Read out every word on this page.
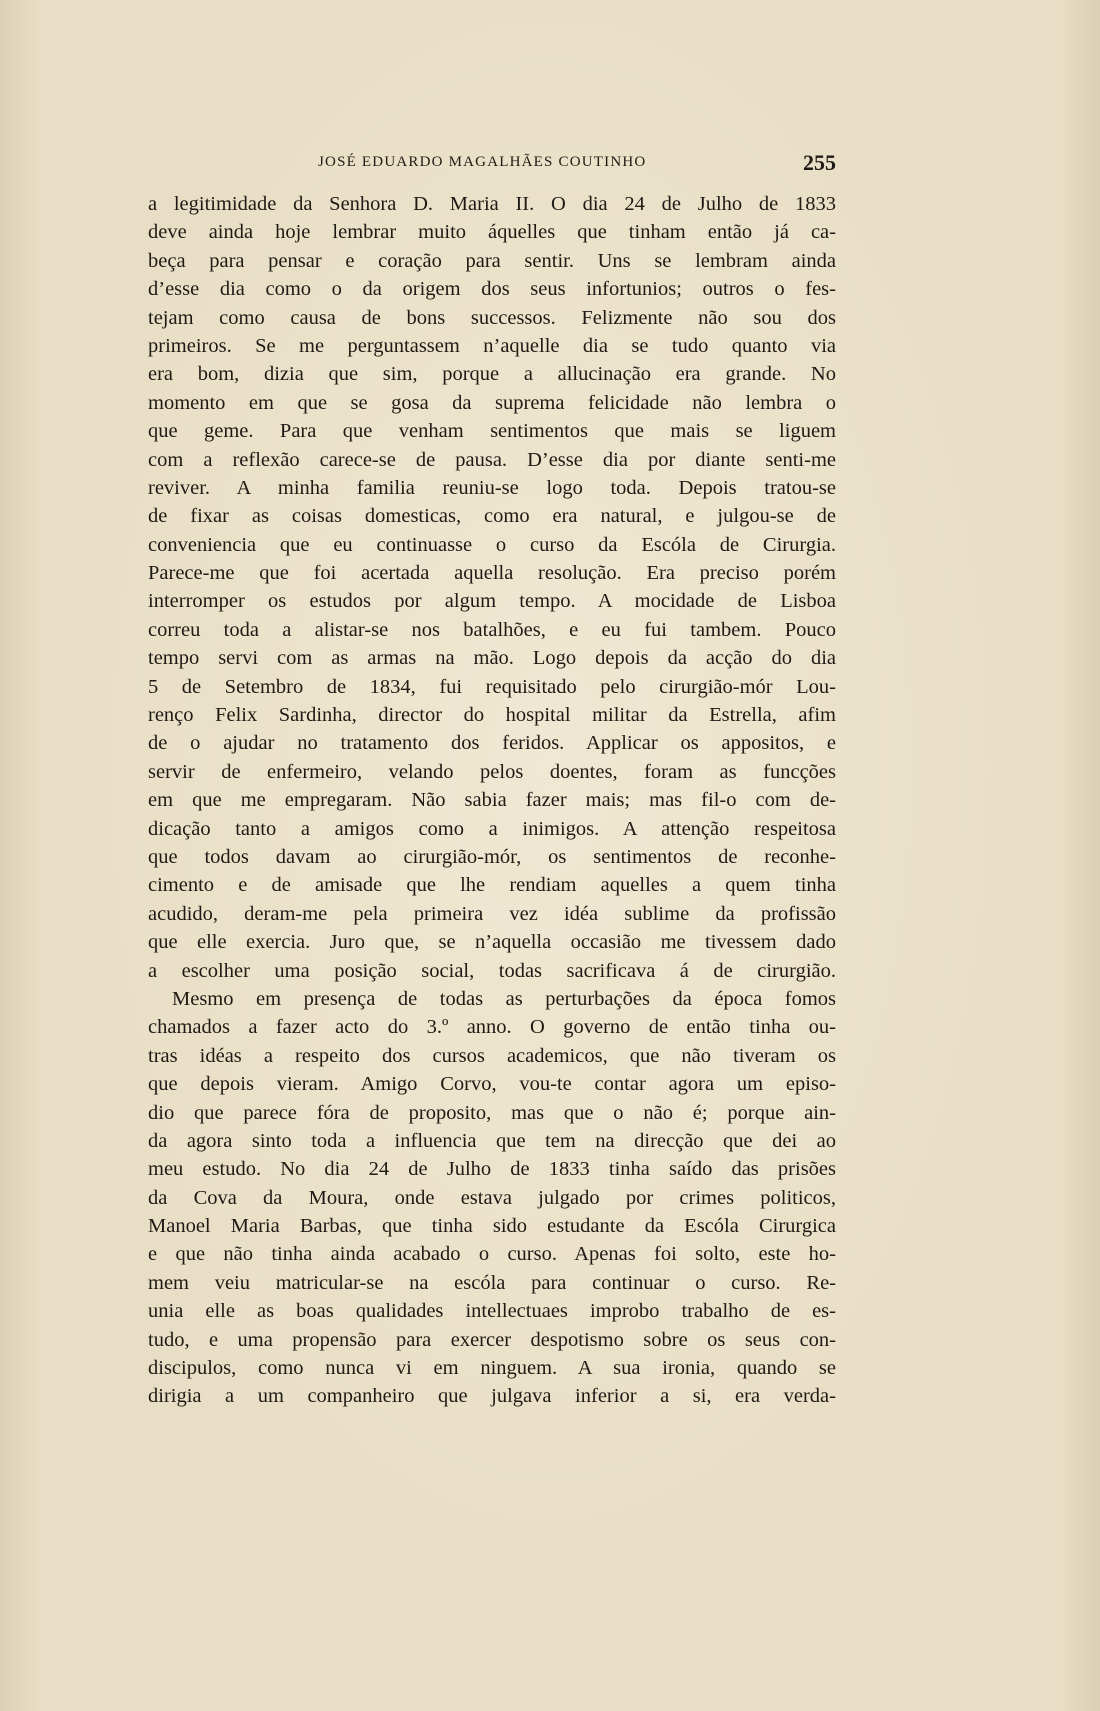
JOSÉ EDUARDO MAGALHÃES COUTINHO	255
a legitimidade da Senhora D. Maria II. O dia 24 de Julho de 1833
deve ainda hoje lembrar muito áquelles que tinham então já ca-
beça para pensar e coração para sentir. Uns se lembram ainda
d’esse dia como o da origem dos seus infortunios; outros o fes-
tejam como causa de bons successos. Felizmente não sou dos
primeiros. Se me perguntassem n’aquelle dia se tudo quanto via
era bom, dizia que sim, porque a allucinação era grande. No
momento em que se gosa da suprema felicidade não lembra o
que geme. Para que venham sentimentos que mais se liguem
com a reflexão carece-se de pausa. D’esse dia por diante senti-me
reviver. A minha familia reuniu-se logo toda. Depois tratou-se
de fixar as coisas domesticas, como era natural, e julgou-se de
conveniencia que eu continuasse o curso da Escóla de Cirurgia.
Parece-me que foi acertada aquella resolução. Era preciso porém
interromper os estudos por algum tempo. A mocidade de Lisboa
correu toda a alistar-se nos batalhões, e eu fui tambem. Pouco
tempo servi com as armas na mão. Logo depois da acção do dia
5 de Setembro de 1834, fui requisitado pelo cirurgião-mór Lou-
renço Felix Sardinha, director do hospital militar da Estrella, afim
de o ajudar no tratamento dos feridos. Applicar os appositos, e
servir de enfermeiro, velando pelos doentes, foram as funcções
em que me empregaram. Não sabia fazer mais; mas fil-o com de-
dicação tanto a amigos como a inimigos. A attenção respeitosa
que todos davam ao cirurgião-mór, os sentimentos de reconhe-
cimento e de amisade que lhe rendiam aquelles a quem tinha
acudido, deram-me pela primeira vez idéa sublime da profissão
que elle exercia. Juro que, se n’aquella occasião me tivessem dado
a escolher uma posição social, todas sacrificava á de cirurgião.
Mesmo em presença de todas as perturbações da época fomos
chamados a fazer acto do 3.º anno. O governo de então tinha ou-
tras idéas a respeito dos cursos academicos, que não tiveram os
que depois vieram. Amigo Corvo, vou-te contar agora um episo-
dio que parece fóra de proposito, mas que o não é; porque ain-
da agora sinto toda a influencia que tem na direcção que dei ao
meu estudo. No dia 24 de Julho de 1833 tinha saído das prisões
da Cova da Moura, onde estava julgado por crimes politicos,
Manoel Maria Barbas, que tinha sido estudante da Escóla Cirurgica
e que não tinha ainda acabado o curso. Apenas foi solto, este ho-
mem veiu matricular-se na escóla para continuar o curso. Re-
unia elle as boas qualidades intellectuaes improbo trabalho de es-
tudo, e uma propensão para exercer despotismo sobre os seus con-
discipulos, como nunca vi em ninguem. A sua ironia, quando se
dirigia a um companheiro que julgava inferior a si, era verda-
